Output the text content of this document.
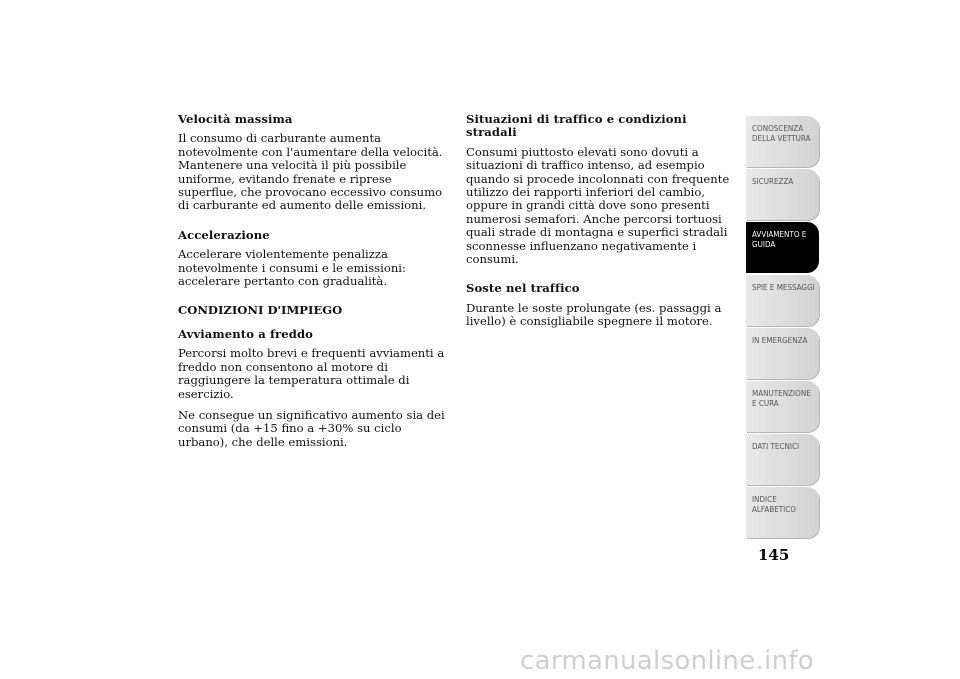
Velocità massima
Il consumo di carburante aumenta notevolmente con l'aumentare della velocità. Mantenere una velocità il più possibile uniforme, evitando frenate e riprese superflue, che provocano eccessivo consumo di carburante ed aumento delle emissioni.
Accelerazione
Accelerare violentemente penalizza notevolmente i consumi e le emissioni: accelerare pertanto con gradualità.
CONDIZIONI D'IMPIEGO
Avviamento a freddo
Percorsi molto brevi e frequenti avviamenti a freddo non consentono al motore di raggiungere la temperatura ottimale di esercizio.
Ne consegue un significativo aumento sia dei consumi (da +15 fino a +30% su ciclo urbano), che delle emissioni.
Situazioni di traffico e condizioni stradali
Consumi piuttosto elevati sono dovuti a situazioni di traffico intenso, ad esempio quando si procede incolonnati con frequente utilizzo dei rapporti inferiori del cambio, oppure in grandi città dove sono presenti numerosi semafori. Anche percorsi tortuosi quali strade di montagna e superfici stradali sconnesse influenzano negativamente i consumi.
Soste nel traffico
Durante le soste prolungate (es. passaggi a livello) è consigliabile spegnere il motore.
CONOSCENZA DELLA VETTURA
SICUREZZA
AVVIAMENTO E GUIDA
SPIE E MESSAGGI
IN EMERGENZA
MANUTENZIONE E CURA
DATI TECNICI
INDICE ALFABETICO
145
carmanualsonline.info
